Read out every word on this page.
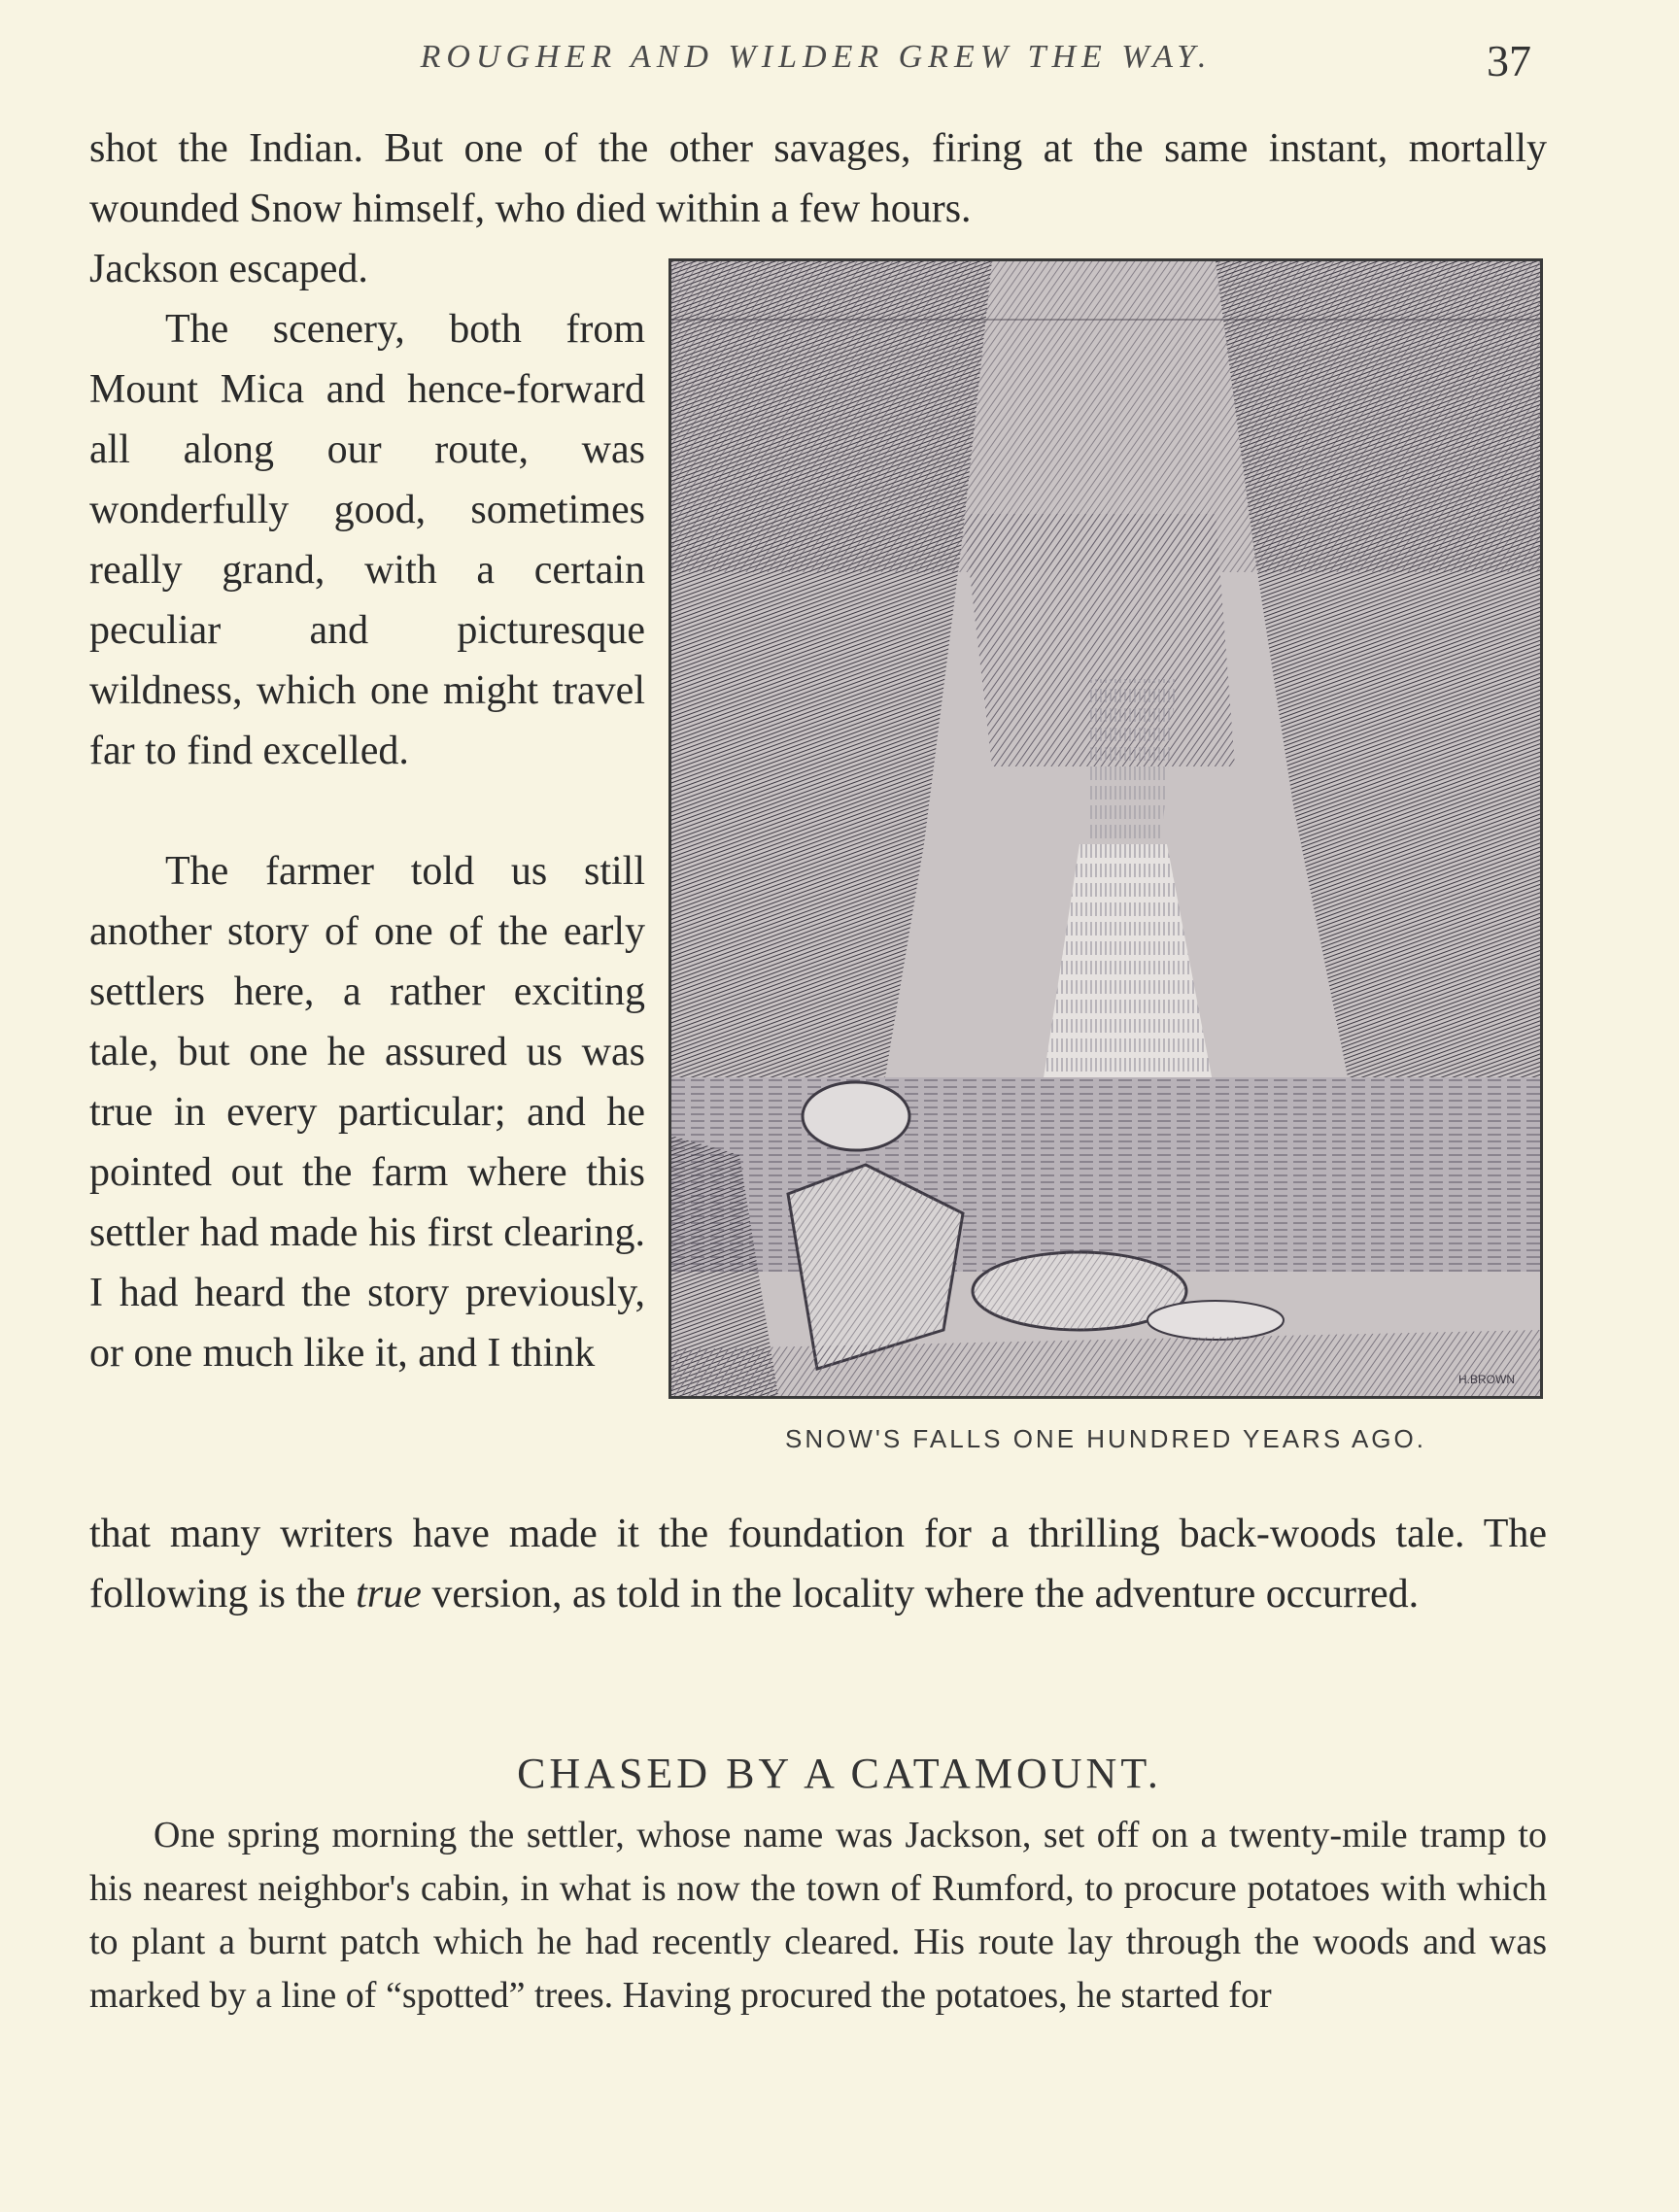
ROUGHER AND WILDER GREW THE WAY.	37

shot the Indian. But one of the other savages, firing at the same instant, mortally wounded Snow himself, who died within a few hours.

Jackson escaped.

The scenery, both from Mount Mica and hence-forward all along our route, was wonderfully good, sometimes really grand, with a certain peculiar and picturesque wildness, which one might travel far to find excelled.

The farmer told us still another story of one of the early settlers here, a rather exciting tale, but one he assured us was true in every particular; and he pointed out the farm where this settler had made his first clearing. I had heard the story previously, or one much like it, and I think

that many writers have made it the foundation for a thrilling back-woods tale. The following is the true version, as told in the locality where the adventure occurred.

H.BROWN
SNOW'S FALLS ONE HUNDRED YEARS AGO.
CHASED BY A CATAMOUNT.

One spring morning the settler, whose name was Jackson, set off on a twenty-mile tramp to his nearest neighbor's cabin, in what is now the town of Rumford, to procure potatoes with which to plant a burnt patch which he had recently cleared. His route lay through the woods and was marked by a line of “spotted” trees. Having procured the potatoes, he started for
